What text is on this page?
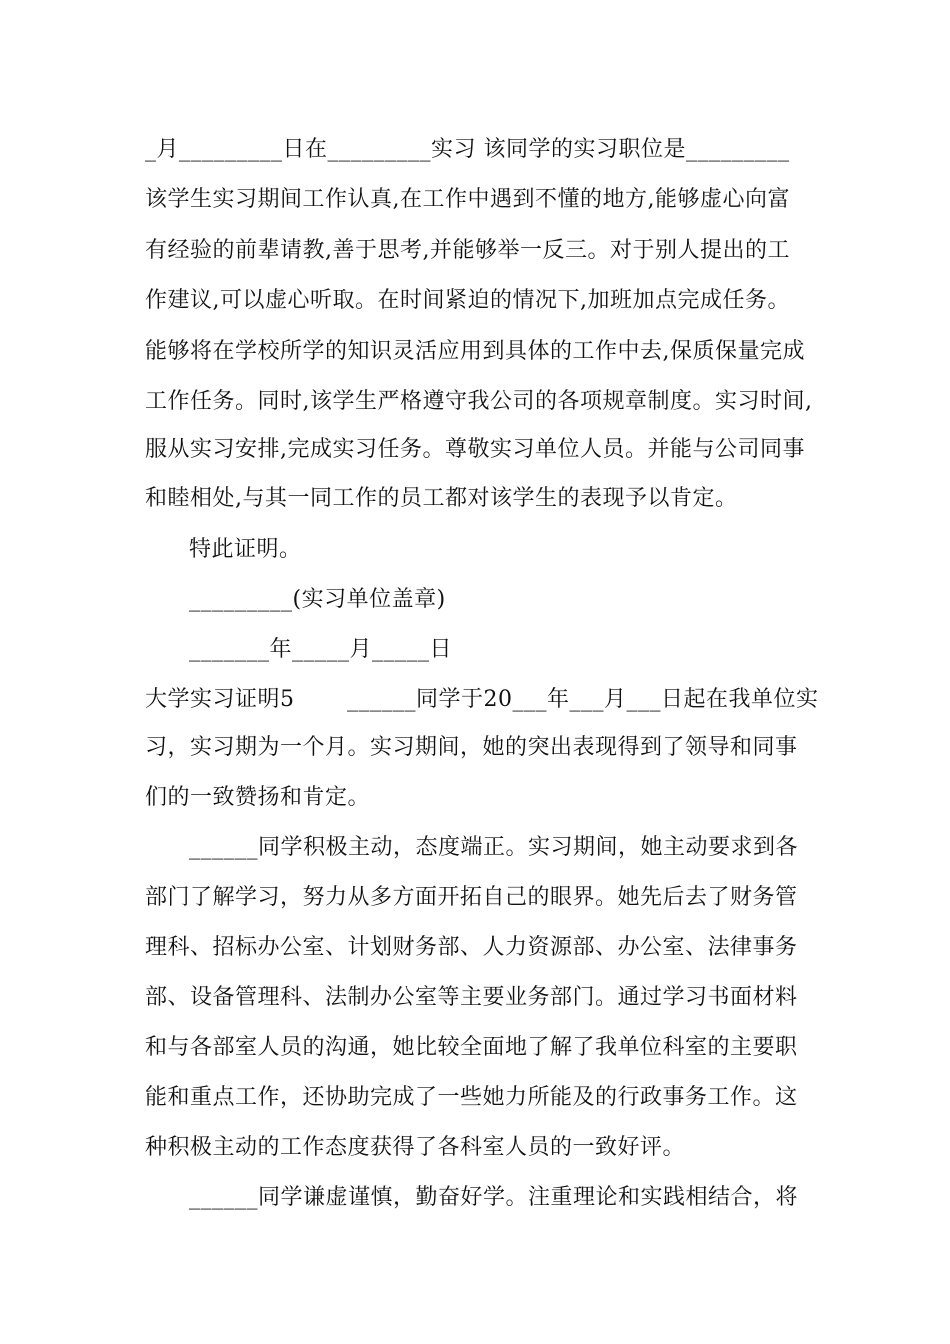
_月_________日在_________实习 该同学的实习职位是_________
该学生实习期间工作认真,在工作中遇到不懂的地方,能够虚心向富
有经验的前辈请教,善于思考,并能够举一反三。对于别人提出的工
作建议,可以虚心听取。在时间紧迫的情况下,加班加点完成任务。
能够将在学校所学的知识灵活应用到具体的工作中去,保质保量完成
工作任务。同时,该学生严格遵守我公司的各项规章制度。实习时间,
服从实习安排,完成实习任务。尊敬实习单位人员。并能与公司同事
和睦相处,与其一同工作的员工都对该学生的表现予以肯定。
特此证明。
_________(实习单位盖章)
_______年_____月_____日
大学实习证明5       ______同学于20___年___月___日起在我单位实
习，实习期为一个月。实习期间，她的突出表现得到了领导和同事
们的一致赞扬和肯定。
______同学积极主动，态度端正。实习期间，她主动要求到各
部门了解学习，努力从多方面开拓自己的眼界。她先后去了财务管
理科、招标办公室、计划财务部、人力资源部、办公室、法律事务
部、设备管理科、法制办公室等主要业务部门。通过学习书面材料
和与各部室人员的沟通，她比较全面地了解了我单位科室的主要职
能和重点工作，还协助完成了一些她力所能及的行政事务工作。这
种积极主动的工作态度获得了各科室人员的一致好评。
______同学谦虚谨慎，勤奋好学。注重理论和实践相结合，将
